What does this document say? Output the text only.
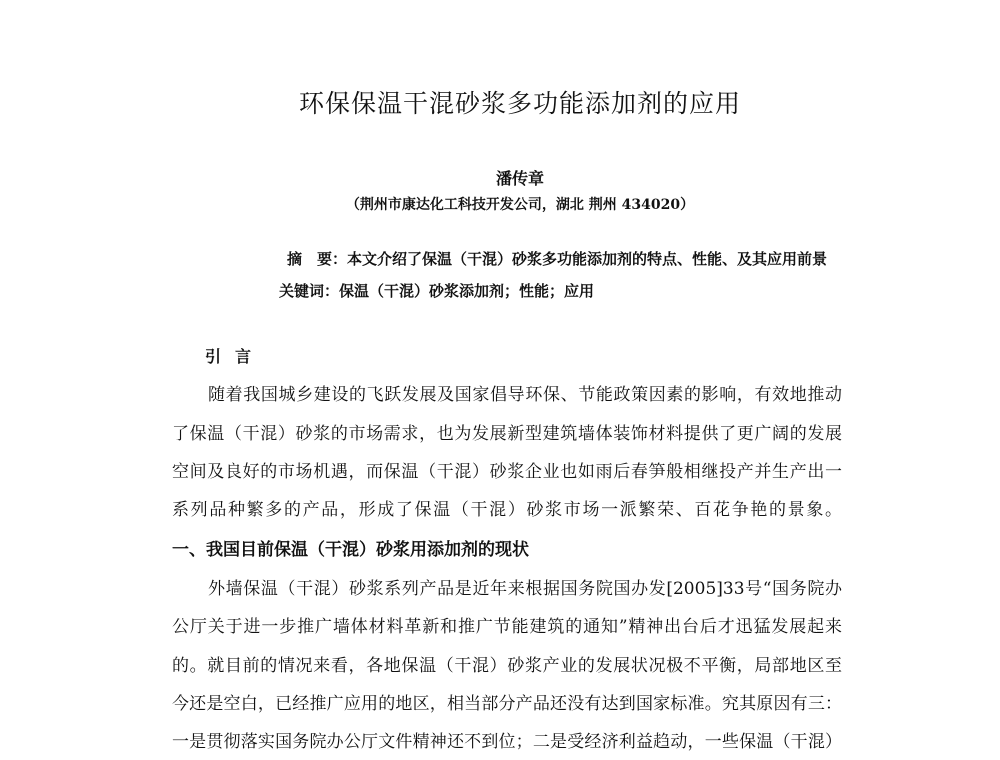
环保保温干混砂浆多功能添加剂的应用
潘传章
（荆州市康达化工科技开发公司，湖北 荆州 434020）
摘　要：本文介绍了保温（干混）砂浆多功能添加剂的特点、性能、及其应用前景
关键词：保温（干混）砂浆添加剂；性能；应用
引言
随着我国城乡建设的飞跃发展及国家倡导环保、节能政策因素的影响，有效地推动
了保温（干混）砂浆的市场需求，也为发展新型建筑墙体装饰材料提供了更广阔的发展
空间及良好的市场机遇，而保温（干混）砂浆企业也如雨后春笋般相继投产并生产出一
系列品种繁多的产品，形成了保温（干混）砂浆市场一派繁荣、百花争艳的景象。
一、我国目前保温（干混）砂浆用添加剂的现状
外墙保温（干混）砂浆系列产品是近年来根据国务院国办发[2005]33号“国务院办
公厅关于进一步推广墙体材料革新和推广节能建筑的通知”精神出台后才迅猛发展起来
的。就目前的情况来看，各地保温（干混）砂浆产业的发展状况极不平衡，局部地区至
今还是空白，已经推广应用的地区，相当部分产品还没有达到国家标准。究其原因有三：
一是贯彻落实国务院办公厅文件精神还不到位；二是受经济利益趋动，一些保温（干混）
